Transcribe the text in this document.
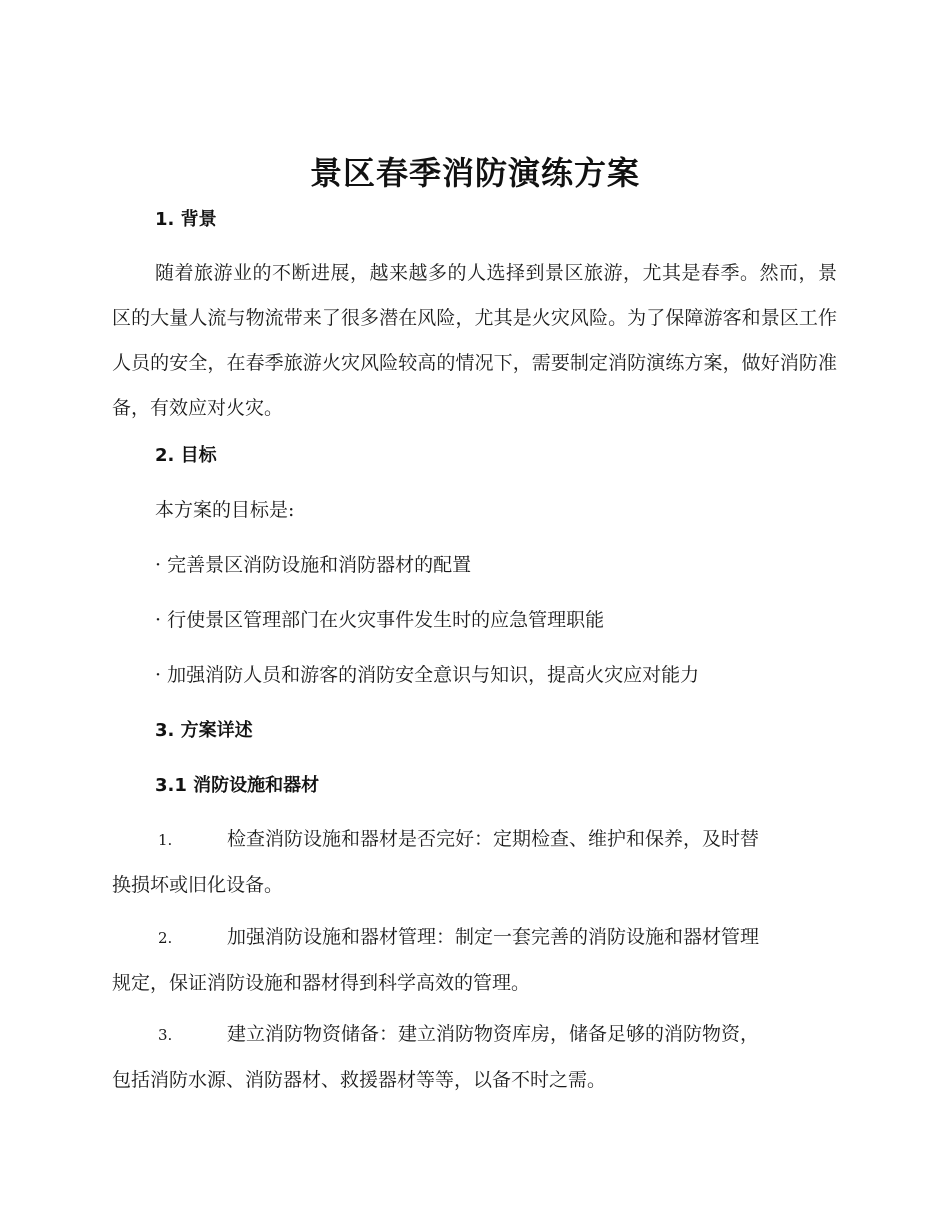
景区春季消防演练方案
1. 背景
随着旅游业的不断进展，越来越多的人选择到景区旅游，尤其是春季。然而，景区的大量人流与物流带来了很多潜在风险，尤其是火灾风险。为了保障游客和景区工作人员的安全，在春季旅游火灾风险较高的情况下，需要制定消防演练方案，做好消防准备，有效应对火灾。
2. 目标
本方案的目标是:
· 完善景区消防设施和消防器材的配置
· 行使景区管理部门在火灾事件发生时的应急管理职能
· 加强消防人员和游客的消防安全意识与知识，提高火灾应对能力
3. 方案详述
3.1 消防设施和器材
1.	检查消防设施和器材是否完好：定期检查、维护和保养，及时替
换损坏或旧化设备。
2.	加强消防设施和器材管理：制定一套完善的消防设施和器材管理
规定，保证消防设施和器材得到科学高效的管理。
3.	建立消防物资储备：建立消防物资库房，储备足够的消防物资，
包括消防水源、消防器材、救援器材等等，以备不时之需。
